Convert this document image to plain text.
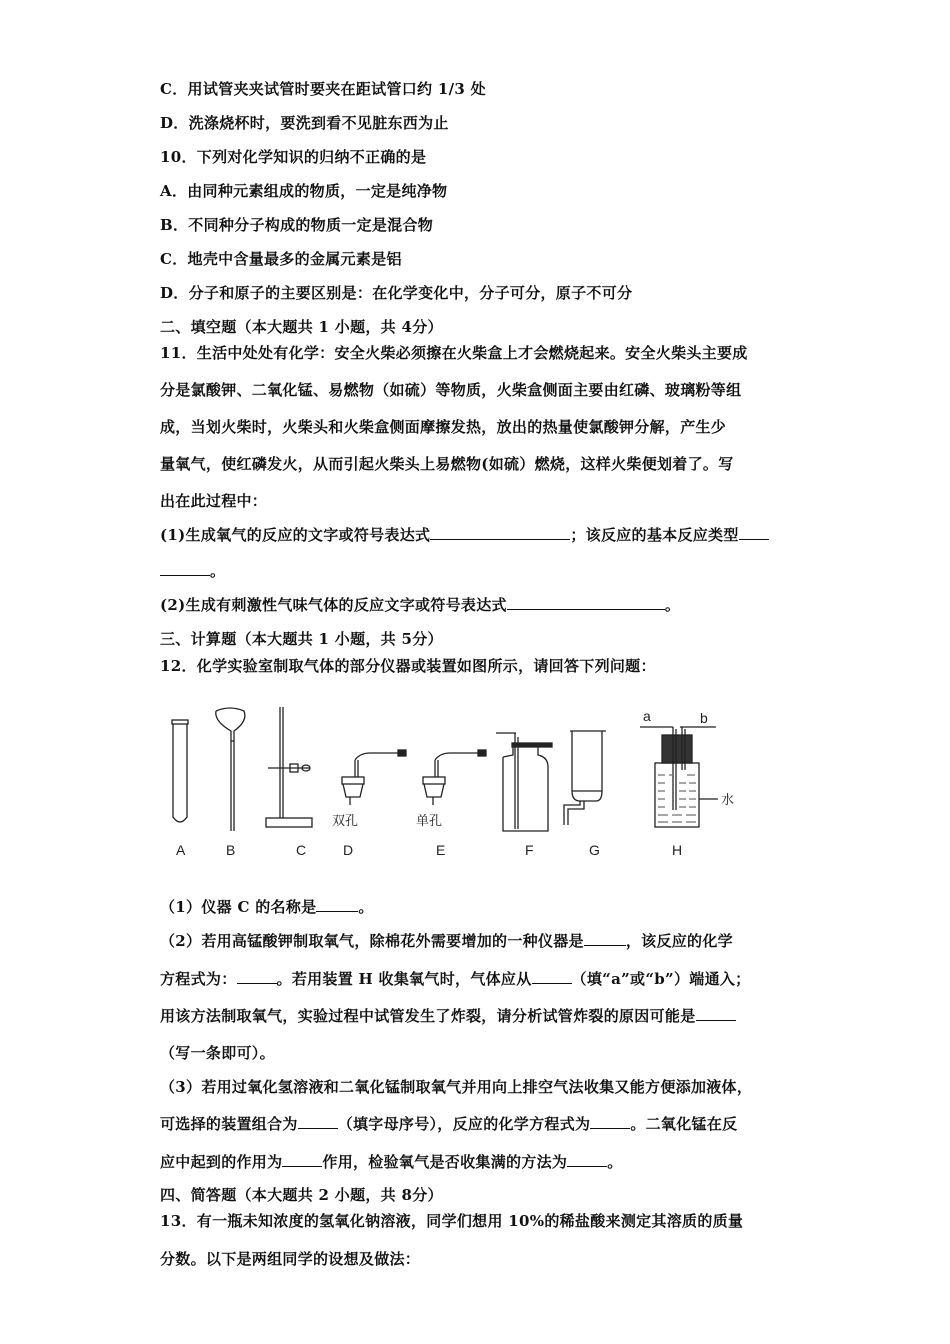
C．用试管夹夹试管时要夹在距试管口约 1/3 处
D．洗涤烧杯时，要洗到看不见脏东西为止
10．下列对化学知识的归纳不正确的是
A．由同种元素组成的物质，一定是纯净物
B．不同种分子构成的物质一定是混合物
C．地壳中含量最多的金属元素是铝
D．分子和原子的主要区别是：在化学变化中，分子可分，原子不可分
二、填空题（本大题共 1 小题，共 4分）
11．生活中处处有化学：安全火柴必须擦在火柴盒上才会燃烧起来。安全火柴头主要成
分是氯酸钾、二氧化锰、易燃物（如硫）等物质，火柴盒侧面主要由红磷、玻璃粉等组
成，当划火柴时，火柴头和火柴盒侧面摩擦发热，放出的热量使氯酸钾分解，产生少
量氧气，使红磷发火，从而引起火柴头上易燃物(如硫）燃烧，这样火柴便划着了。写
出在此过程中：
(1)生成氧气的反应的文字或符号表达式	；该反应的基本反应类型
。
(2)生成有刺激性气味气体的反应文字或符号表达式	。
三、计算题（本大题共 1 小题，共 5分）
12．化学实验室制取气体的部分仪器或装置如图所示，请回答下列问题：
a	b
水
双孔	单孔
A	B	C	D	E	F	G	H
（1）仪器 C 的名称是	。
（2）若用高锰酸钾制取氧气，除棉花外需要增加的一种仪器是	，该反应的化学
方程式为：	。若用装置 H 收集氧气时，气体应从	（填“a”或“b”）端通入；
用该方法制取氧气，实验过程中试管发生了炸裂，请分析试管炸裂的原因可能是
（写一条即可）。
（3）若用过氧化氢溶液和二氧化锰制取氧气并用向上排空气法收集又能方便添加液体，
可选择的装置组合为	（填字母序号），反应的化学方程式为	。二氧化锰在反
应中起到的作用为	作用，检验氧气是否收集满的方法为	。
四、简答题（本大题共 2 小题，共 8分）
13．有一瓶未知浓度的氢氧化钠溶液，同学们想用 10%的稀盐酸来测定其溶质的质量
分数。以下是两组同学的设想及做法：
